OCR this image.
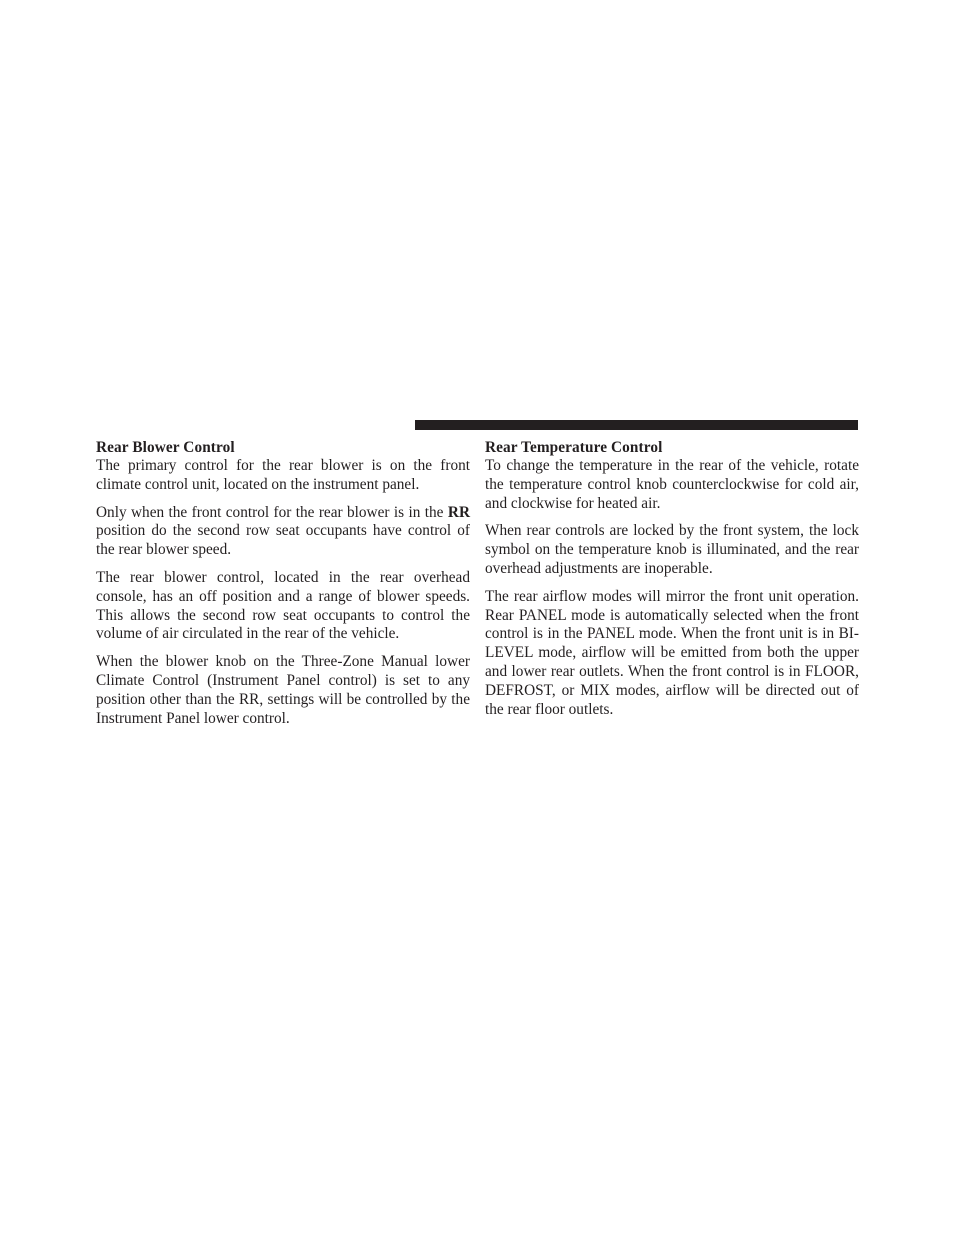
Rear Blower Control

The primary control for the rear blower is on the front climate control unit, located on the instrument panel.

Only when the front control for the rear blower is in the RR position do the second row seat occupants have control of the rear blower speed.

The rear blower control, located in the rear overhead console, has an off position and a range of blower speeds. This allows the second row seat occupants to control the volume of air circulated in the rear of the vehicle.

When the blower knob on the Three-Zone Manual lower Climate Control (Instrument Panel control) is set to any position other than the RR, settings will be controlled by the Instrument Panel lower control.

Rear Temperature Control

To change the temperature in the rear of the vehicle, rotate the temperature control knob counterclockwise for cold air, and clockwise for heated air.

When rear controls are locked by the front system, the lock symbol on the temperature knob is illuminated, and the rear overhead adjustments are inoperable.

The rear airflow modes will mirror the front unit operation. Rear PANEL mode is automatically selected when the front control is in the PANEL mode. When the front unit is in BI-LEVEL mode, airflow will be emitted from both the upper and lower rear outlets. When the front control is in FLOOR, DEFROST, or MIX modes, airflow will be directed out of the rear floor outlets.
